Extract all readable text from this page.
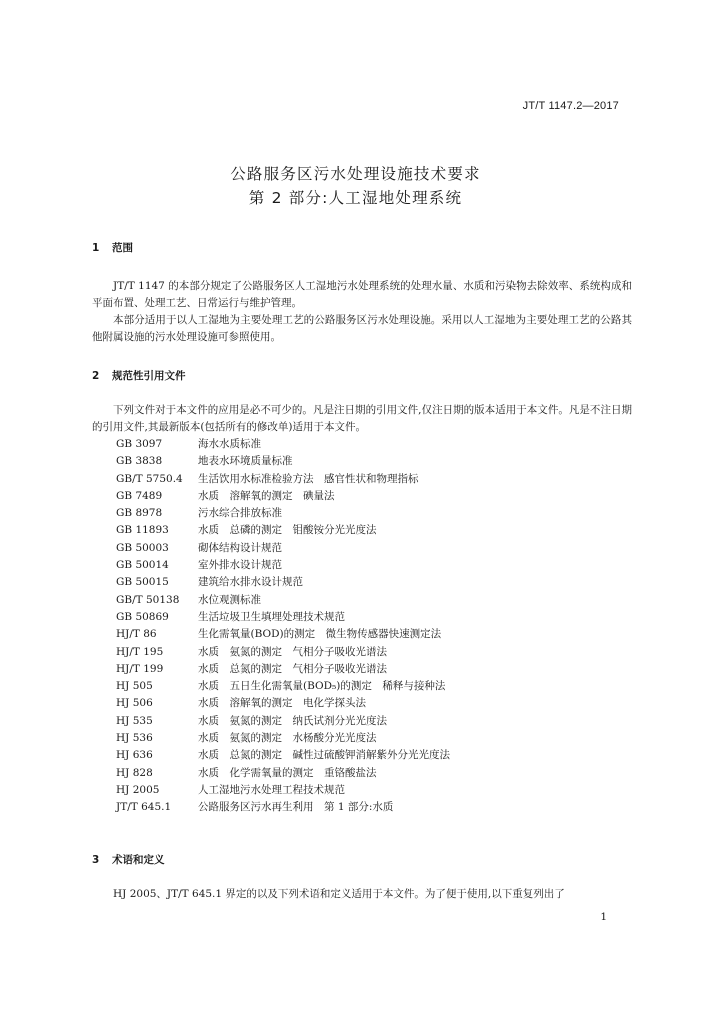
JT/T 1147.2—2017
公路服务区污水处理设施技术要求
第 2 部分:人工湿地处理系统
1 范围

JT/T 1147 的本部分规定了公路服务区人工湿地污水处理系统的处理水量、水质和污染物去除效率、系统构成和平面布置、处理工艺、日常运行与维护管理。

本部分适用于以人工湿地为主要处理工艺的公路服务区污水处理设施。采用以人工湿地为主要处理工艺的公路其他附属设施的污水处理设施可参照使用。

2 规范性引用文件

下列文件对于本文件的应用是必不可少的。凡是注日期的引用文件,仅注日期的版本适用于本文件。凡是不注日期的引用文件,其最新版本(包括所有的修改单)适用于本文件。

GB 3097	海水水质标准
GB 3838	地表水环境质量标准
GB/T 5750.4 生活饮用水标准检验方法　感官性状和物理指标
GB 7489	水质　溶解氧的测定　碘量法
GB 8978	污水综合排放标准
GB 11893	水质　总磷的测定　钼酸铵分光光度法
GB 50003	砌体结构设计规范
GB 50014	室外排水设计规范
GB 50015	建筑给水排水设计规范
GB/T 50138 水位观测标准
GB 50869	生活垃圾卫生填埋处理技术规范
HJ/T 86	生化需氧量(BOD)的测定　微生物传感器快速测定法
HJ/T 195	水质　氨氮的测定　气相分子吸收光谱法
HJ/T 199	水质　总氮的测定　气相分子吸收光谱法
HJ 505	水质　五日生化需氧量(BOD₅)的测定　稀释与接种法
HJ 506	水质　溶解氧的测定　电化学探头法
HJ 535	水质　氨氮的测定　纳氏试剂分光光度法
HJ 536	水质　氨氮的测定　水杨酸分光光度法
HJ 636	水质　总氮的测定　碱性过硫酸钾消解紫外分光光度法
HJ 828	水质　化学需氧量的测定　重铬酸盐法
HJ 2005	人工湿地污水处理工程技术规范
JT/T 645.1	公路服务区污水再生利用　第 1 部分:水质
3 术语和定义

HJ 2005、JT/T 645.1 界定的以及下列术语和定义适用于本文件。为了便于使用,以下重复列出了

1
